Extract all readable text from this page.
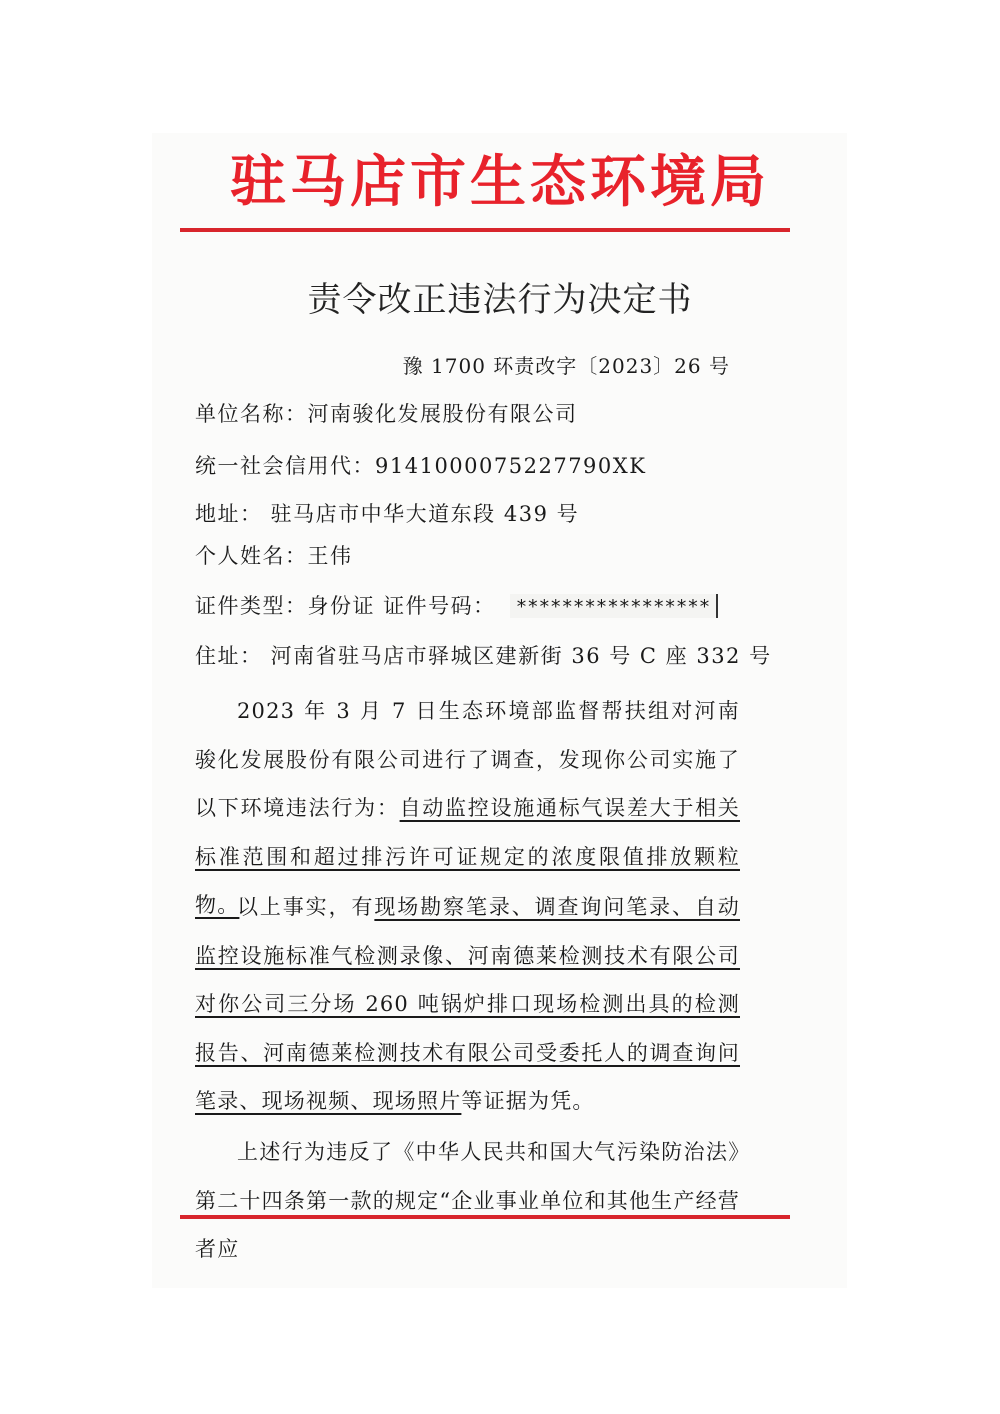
驻马店市生态环境局
责令改正违法行为决定书
豫 1700 环责改字〔2023〕26 号
单位名称：河南骏化发展股份有限公司
统一社会信用代：9141000075227790XK
地址： 驻马店市中华大道东段 439 号
个人姓名：王伟
证件类型：身份证 证件号码： *****************
住址： 河南省驻马店市驿城区建新街 36 号 C 座 332 号
2023 年 3 月 7 日生态环境部监督帮扶组对河南骏化发展股份有限公司进行了调查，发现你公司实施了以下环境违法行为：自动监控设施通标气误差大于相关标准范围和超过排污许可证规定的浓度限值排放颗粒物。
以上事实，有现场勘察笔录、调查询问笔录、自动监控设施标准气检测录像、河南德莱检测技术有限公司对你公司三分场 260 吨锅炉排口现场检测出具的检测报告、河南德莱检测技术有限公司受委托人的调查询问笔录、现场视频、现场照片等证据为凭。
上述行为违反了《中华人民共和国大气污染防治法》第二十四条第一款的规定“企业事业单位和其他生产经营者应
